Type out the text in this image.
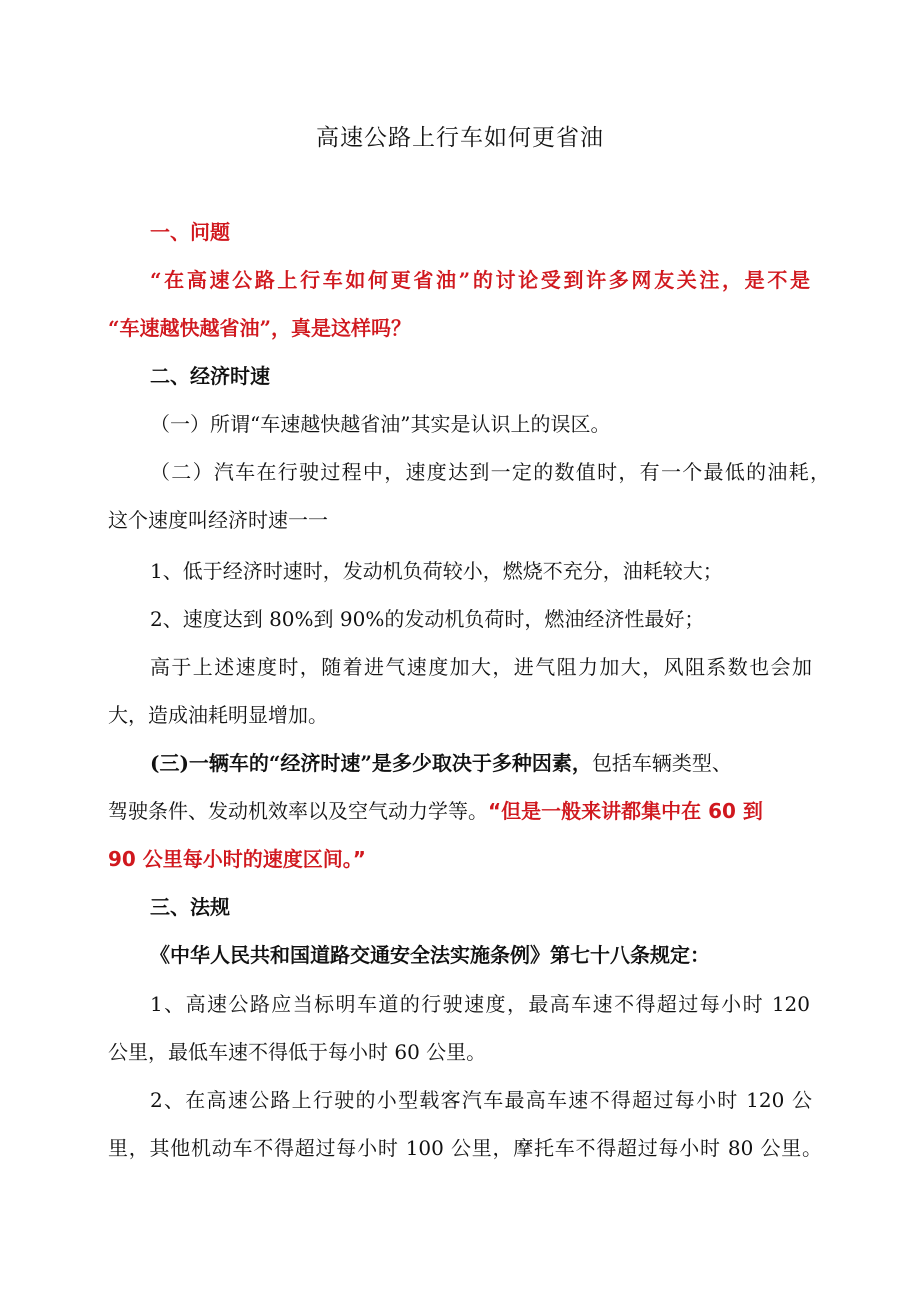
高速公路上行车如何更省油
一、问题
“在高速公路上行车如何更省油”的讨论受到许多网友关注，是不是
“车速越快越省油”，真是这样吗？
二、经济时速
（一）所谓“车速越快越省油”其实是认识上的误区。
（二）汽车在行驶过程中，速度达到一定的数值时，有一个最低的油耗，
这个速度叫经济时速一一
1、低于经济时速时，发动机负荷较小，燃烧不充分，油耗较大；
2、速度达到 80%到 90%的发动机负荷时，燃油经济性最好；
高于上述速度时，随着进气速度加大，进气阻力加大，风阻系数也会加
大，造成油耗明显增加。
(三)一辆车的“经济时速”是多少取决于多种因素，包括车辆类型、
驾驶条件、发动机效率以及空气动力学等。“但是一般来讲都集中在 60 到
90 公里每小时的速度区间。”
三、法规
《中华人民共和国道路交通安全法实施条例》第七十八条规定：
1、高速公路应当标明车道的行驶速度，最高车速不得超过每小时 120
公里，最低车速不得低于每小时 60 公里。
2、在高速公路上行驶的小型载客汽车最高车速不得超过每小时 120 公
里，其他机动车不得超过每小时 100 公里，摩托车不得超过每小时 80 公里。
